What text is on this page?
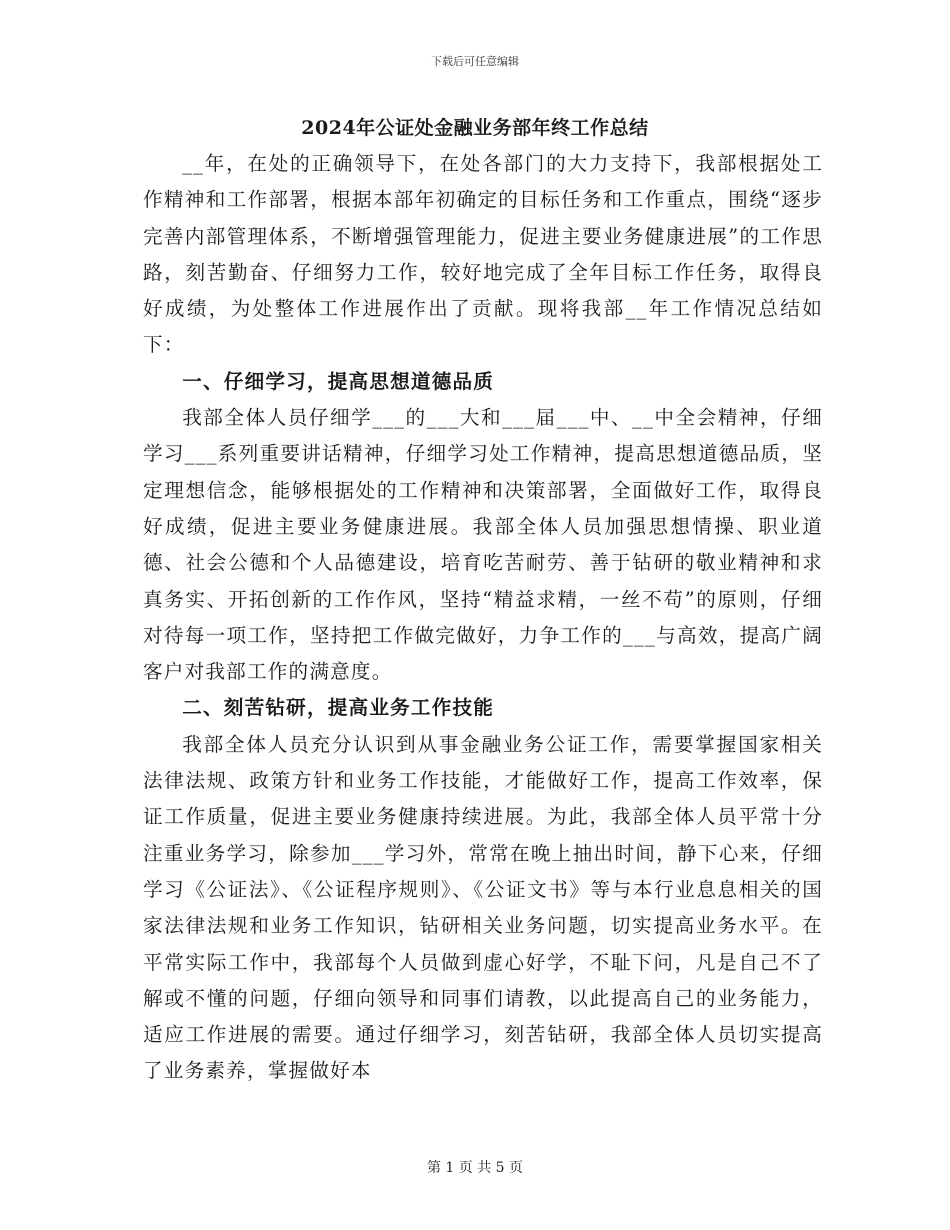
下载后可任意编辑
2024年公证处金融业务部年终工作总结

__年，在处的正确领导下，在处各部门的大力支持下，我部根据处工作精神和工作部署，根据本部年初确定的目标任务和工作重点，围绕“逐步完善内部管理体系，不断增强管理能力，促进主要业务健康进展”的工作思路，刻苦勤奋、仔细努力工作，较好地完成了全年目标工作任务，取得良好成绩，为处整体工作进展作出了贡献。现将我部__年工作情况总结如下：

一、仔细学习，提高思想道德品质

我部全体人员仔细学___的___大和___届___中、__中全会精神，仔细学习___系列重要讲话精神，仔细学习处工作精神，提高思想道德品质，坚定理想信念，能够根据处的工作精神和决策部署，全面做好工作，取得良好成绩，促进主要业务健康进展。我部全体人员加强思想情操、职业道德、社会公德和个人品德建设，培育吃苦耐劳、善于钻研的敬业精神和求真务实、开拓创新的工作作风，坚持“精益求精，一丝不苟”的原则，仔细对待每一项工作，坚持把工作做完做好，力争工作的___与高效，提高广阔客户对我部工作的满意度。

二、刻苦钻研，提高业务工作技能

我部全体人员充分认识到从事金融业务公证工作，需要掌握国家相关法律法规、政策方针和业务工作技能，才能做好工作，提高工作效率，保证工作质量，促进主要业务健康持续进展。为此，我部全体人员平常十分注重业务学习，除参加___学习外，常常在晚上抽出时间，静下心来，仔细学习《公证法》、《公证程序规则》、《公证文书》等与本行业息息相关的国家法律法规和业务工作知识，钻研相关业务问题，切实提高业务水平。在平常实际工作中，我部每个人员做到虚心好学，不耻下问，凡是自己不了解或不懂的问题，仔细向领导和同事们请教，以此提高自己的业务能力，适应工作进展的需要。通过仔细学习，刻苦钻研，我部全体人员切实提高了业务素养，掌握做好本

第 1 页 共 5 页
